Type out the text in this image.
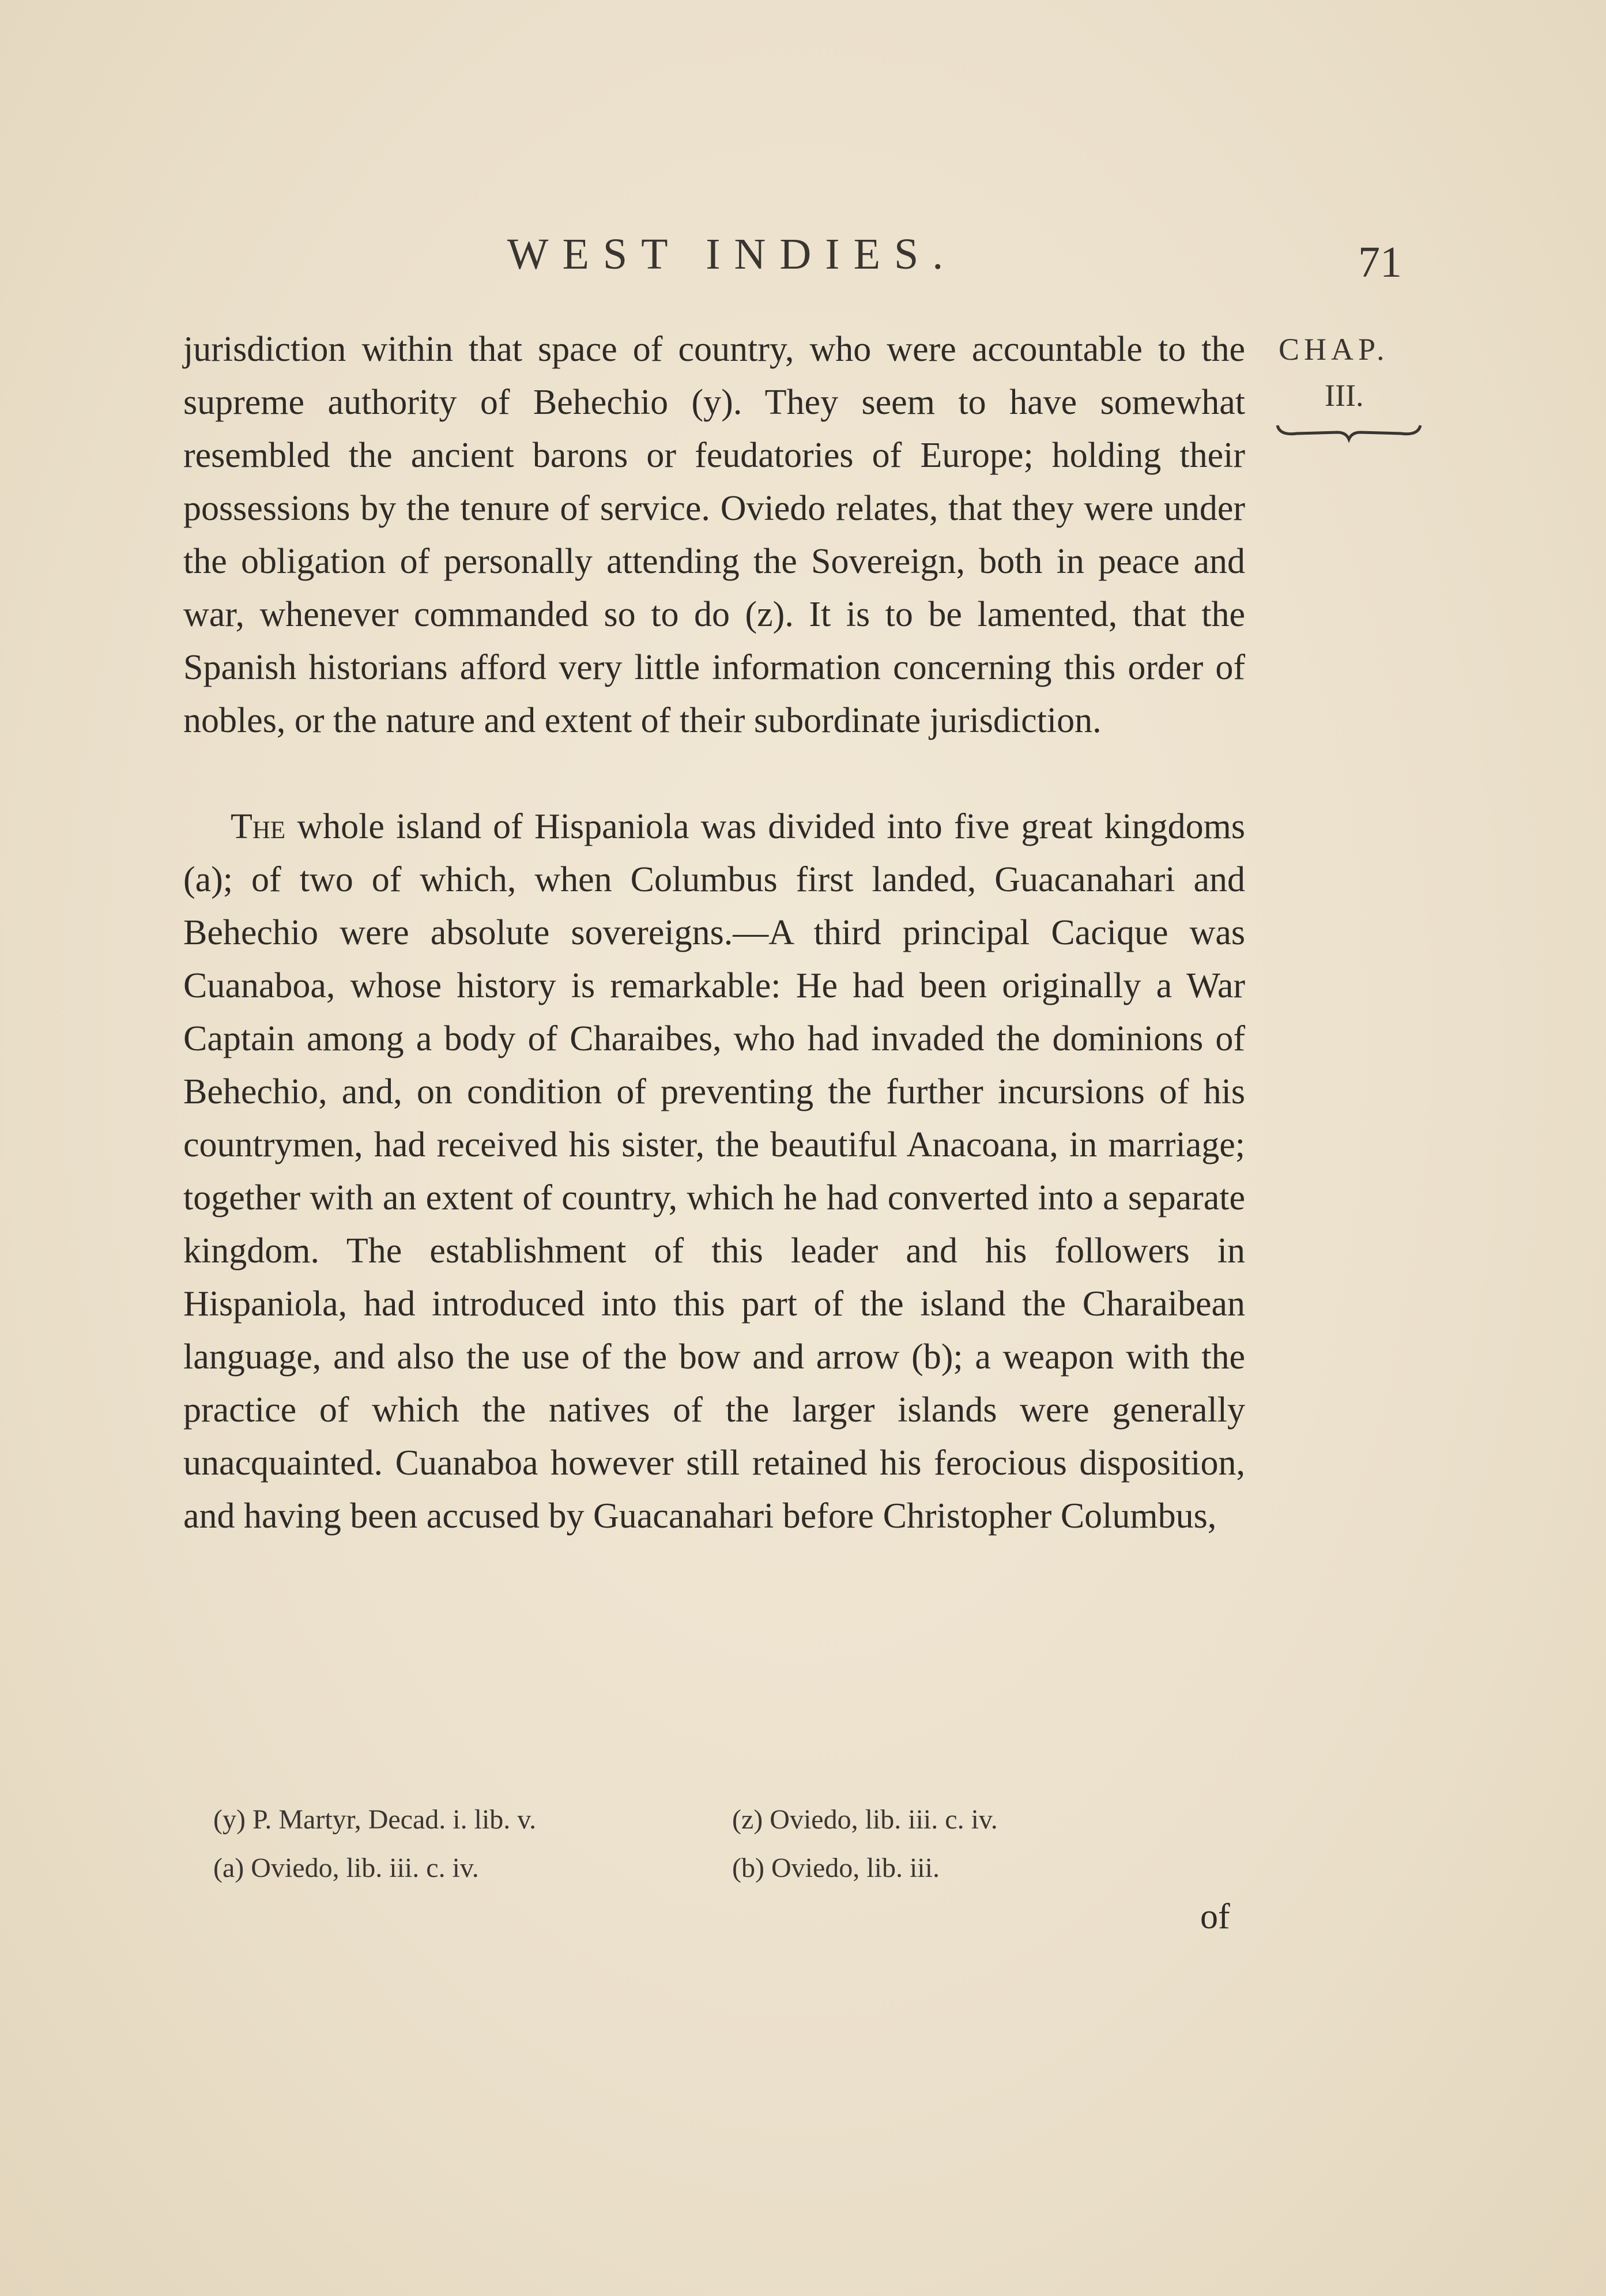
WEST INDIES.	71
CHAP.
III.

jurisdiction within that space of country, who were accountable to the supreme authority of Behechio (y). They seem to have somewhat resembled the ancient barons or feudatories of Europe; holding their possessions by the tenure of service. Oviedo relates, that they were under the obligation of personally attending the Sovereign, both in peace and war, whenever commanded so to do (z). It is to be lamented, that the Spanish historians afford very little information concerning this order of nobles, or the nature and extent of their subordinate jurisdiction.

The whole island of Hispaniola was divided into five great kingdoms (a); of two of which, when Columbus first landed, Guacanahari and Behechio were absolute sovereigns.—A third principal Cacique was Cuanaboa, whose history is remarkable: He had been originally a War Captain among a body of Charaibes, who had invaded the dominions of Behechio, and, on condition of preventing the further incursions of his countrymen, had received his sister, the beautiful Anacoana, in marriage; together with an extent of country, which he had converted into a separate kingdom. The establishment of this leader and his followers in Hispaniola, had introduced into this part of the island the Charaibean language, and also the use of the bow and arrow (b); a weapon with the practice of which the natives of the larger islands were generally unacquainted. Cuanaboa however still retained his ferocious disposition, and having been accused by Guacanahari before Christopher Columbus,

(y) P. Martyr, Decad. i. lib. v.	(z) Oviedo, lib. iii. c. iv.
(a) Oviedo, lib. iii. c. iv.	(b) Oviedo, lib. iii.
of
